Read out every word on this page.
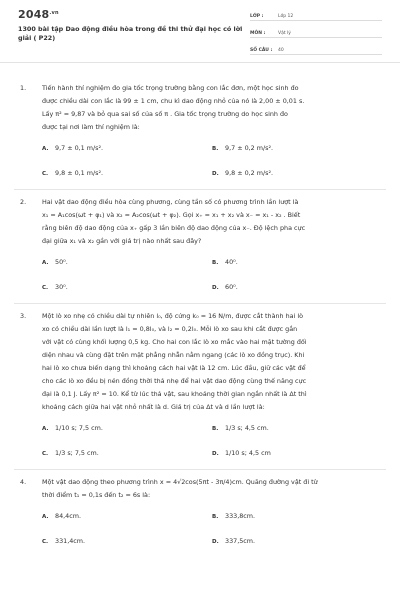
$2048^{.vn}$
1300 bài tập Dao động điều hòa trong đề thi thử đại học có lời giải ( P22)
LỚP :	Lớp 12
MÔN :	Vật lý
SỐ CÂU :	40
1. Tiến hành thí nghiệm đo gia tốc trọng trường bằng con lắc đơn, một học sinh đo
được chiều dài con lắc là 99 ± 1 cm, chu kì dao động nhỏ của nó là 2,00 ± 0,01 s.
Lấy π² = 9,87 và bỏ qua sai số của số π . Gia tốc trọng trường do học sinh đo
được tại nơi làm thí nghiệm là:
A.	9,7 ± 0,1 m/s².	B.	9,7 ± 0,2 m/s².
C.	9,8 ± 0,1 m/s².	D. 9,8 ± 0,2 m/s².
2. Hai vật dao động điều hòa cùng phương, cùng tần số có phương trình lần lượt là
x₁ = A₁cos(ωt + φ₁) và x₂ = A₂cos(ωt + φ₂). Gọi x₊ = x₁ + x₂ và x₋ = x₁ - x₂ . Biết
rằng biên độ dao động của x₊ gấp 3 lần biên độ dao động của x₋. Độ lệch pha cực
đại giữa x₁ và x₂ gần với giá trị nào nhất sau đây?
A.	50⁰.	B.	40⁰.
C.	30⁰.	D. 60⁰.
3. Một lò xo nhẹ có chiều dài tự nhiên l₀, độ cứng k₀ = 16 N/m, được cắt thành hai lò
xo có chiều dài lần lượt là l₁ = 0,8l₀, và l₂ = 0,2l₀. Mỗi lò xo sau khi cắt được gắn
với vật có cùng khối lượng 0,5 kg. Cho hai con lắc lò xo mắc vào hai mặt tường đối
diện nhau và cùng đặt trên mặt phẳng nhẵn nằm ngang (các lò xo đồng trục). Khi
hai lò xo chưa biến dạng thì khoảng cách hai vật là 12 cm. Lúc đầu, giữ các vật để
cho các lò xo đều bị nén đồng thời thả nhẹ để hai vật dao động cùng thế năng cực
đại là 0,1 J. Lấy π² = 10. Kể từ lúc thả vật, sau khoảng thời gian ngắn nhất là Δt thì
khoảng cách giữa hai vật nhỏ nhất là d. Giá trị của Δt và d lần lượt là:
A.	1/10 s; 7,5 cm.	B.	1/3 s; 4,5 cm.
C.	1/3 s; 7,5 cm.	D. 1/10 s; 4,5 cm
4. Một vật dao động theo phương trình x = 4√2cos(5πt - 3π/4)cm. Quãng đường vật đi từ
thời điểm t₁ = 0,1s đến t₂ = 6s là:
A.	84,4cm.	B.	333,8cm.
C.	331,4cm.	D. 337,5cm.
